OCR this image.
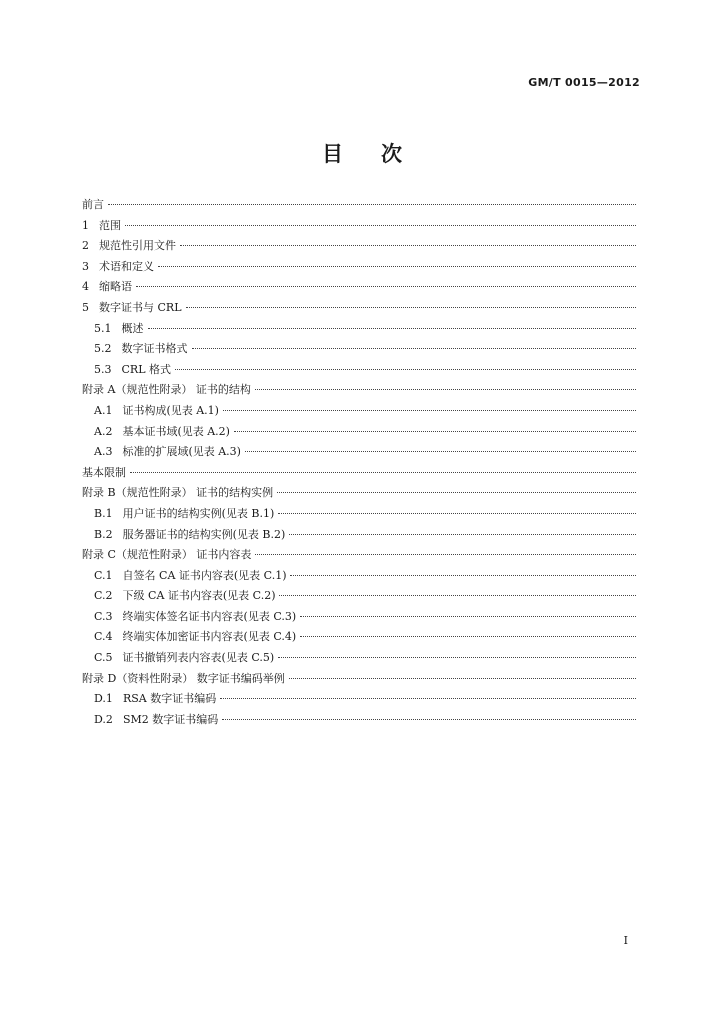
GM/T 0015—2012
目次
前言
1 范围
2 规范性引用文件
3 术语和定义
4 缩略语
5 数字证书与 CRL
5.1 概述
5.2 数字证书格式
5.3 CRL 格式
附录 A（规范性附录） 证书的结构
A.1 证书构成(见表 A.1)
A.2 基本证书域(见表 A.2)
A.3 标准的扩展域(见表 A.3)
基本限制
附录 B（规范性附录） 证书的结构实例
B.1 用户证书的结构实例(见表 B.1)
B.2 服务器证书的结构实例(见表 B.2)
附录 C（规范性附录） 证书内容表
C.1 自签名 CA 证书内容表(见表 C.1)
C.2 下级 CA 证书内容表(见表 C.2)
C.3 终端实体签名证书内容表(见表 C.3)
C.4 终端实体加密证书内容表(见表 C.4)
C.5 证书撤销列表内容表(见表 C.5)
附录 D（资料性附录） 数字证书编码举例
D.1 RSA 数字证书编码
D.2 SM2 数字证书编码
I
